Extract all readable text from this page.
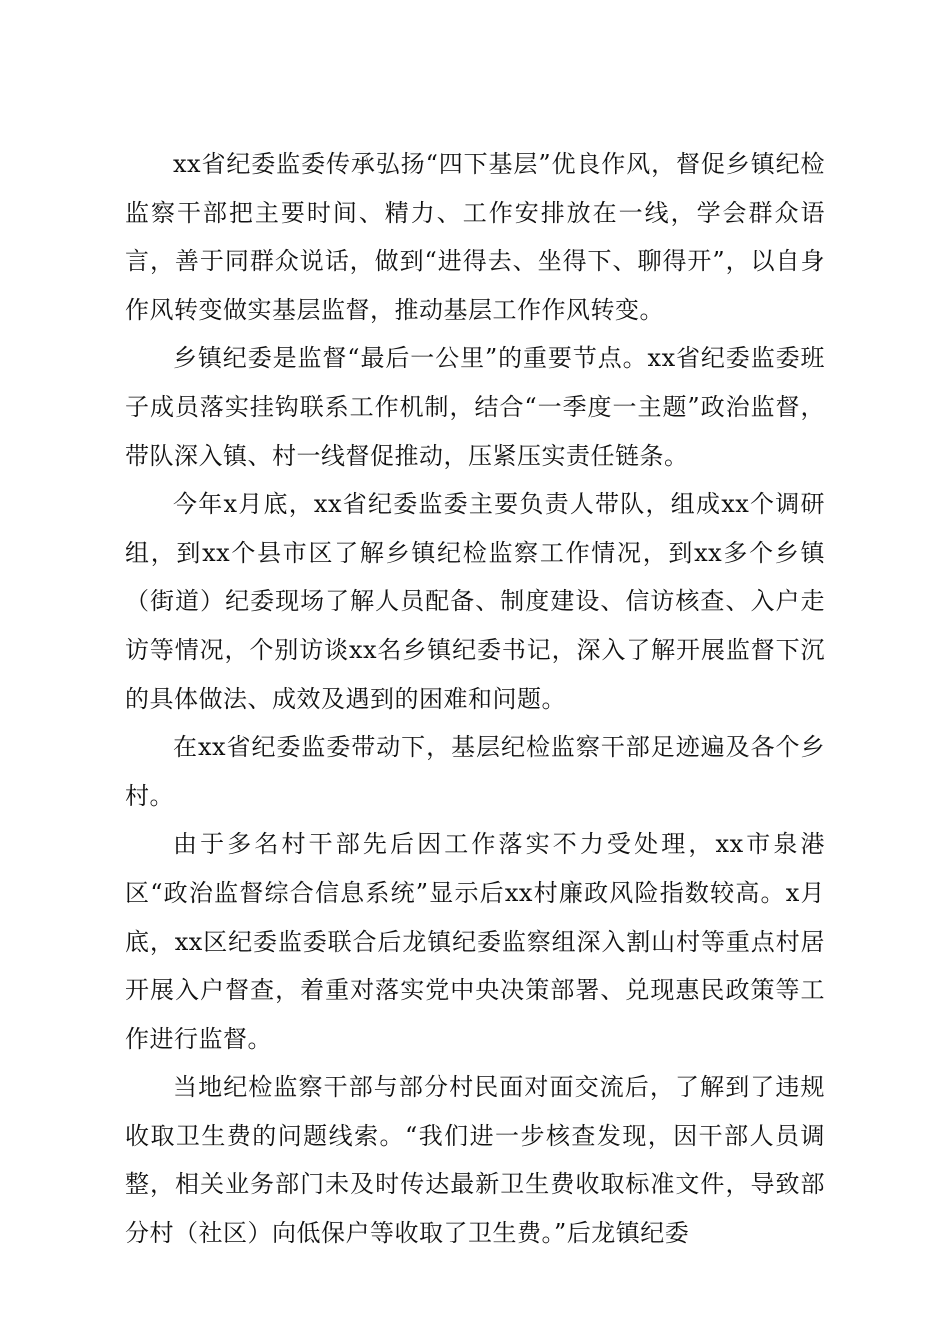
xx省纪委监委传承弘扬“四下基层”优良作风，督促乡镇纪检监察干部把主要时间、精力、工作安排放在一线，学会群众语言，善于同群众说话，做到“进得去、坐得下、聊得开”，以自身作风转变做实基层监督，推动基层工作作风转变。

乡镇纪委是监督“最后一公里”的重要节点。xx省纪委监委班子成员落实挂钩联系工作机制，结合“一季度一主题”政治监督，带队深入镇、村一线督促推动，压紧压实责任链条。

今年x月底，xx省纪委监委主要负责人带队，组成xx个调研组，到xx个县市区了解乡镇纪检监察工作情况，到xx多个乡镇（街道）纪委现场了解人员配备、制度建设、信访核查、入户走访等情况，个别访谈xx名乡镇纪委书记，深入了解开展监督下沉的具体做法、成效及遇到的困难和问题。

在xx省纪委监委带动下，基层纪检监察干部足迹遍及各个乡村。

由于多名村干部先后因工作落实不力受处理，xx市泉港区“政治监督综合信息系统”显示后xx村廉政风险指数较高。x月底，xx区纪委监委联合后龙镇纪委监察组深入割山村等重点村居开展入户督查，着重对落实党中央决策部署、兑现惠民政策等工作进行监督。

当地纪检监察干部与部分村民面对面交流后，了解到了违规收取卫生费的问题线索。“我们进一步核查发现，因干部人员调整，相关业务部门未及时传达最新卫生费收取标准文件，导致部分村（社区）向低保户等收取了卫生费。”后龙镇纪委
